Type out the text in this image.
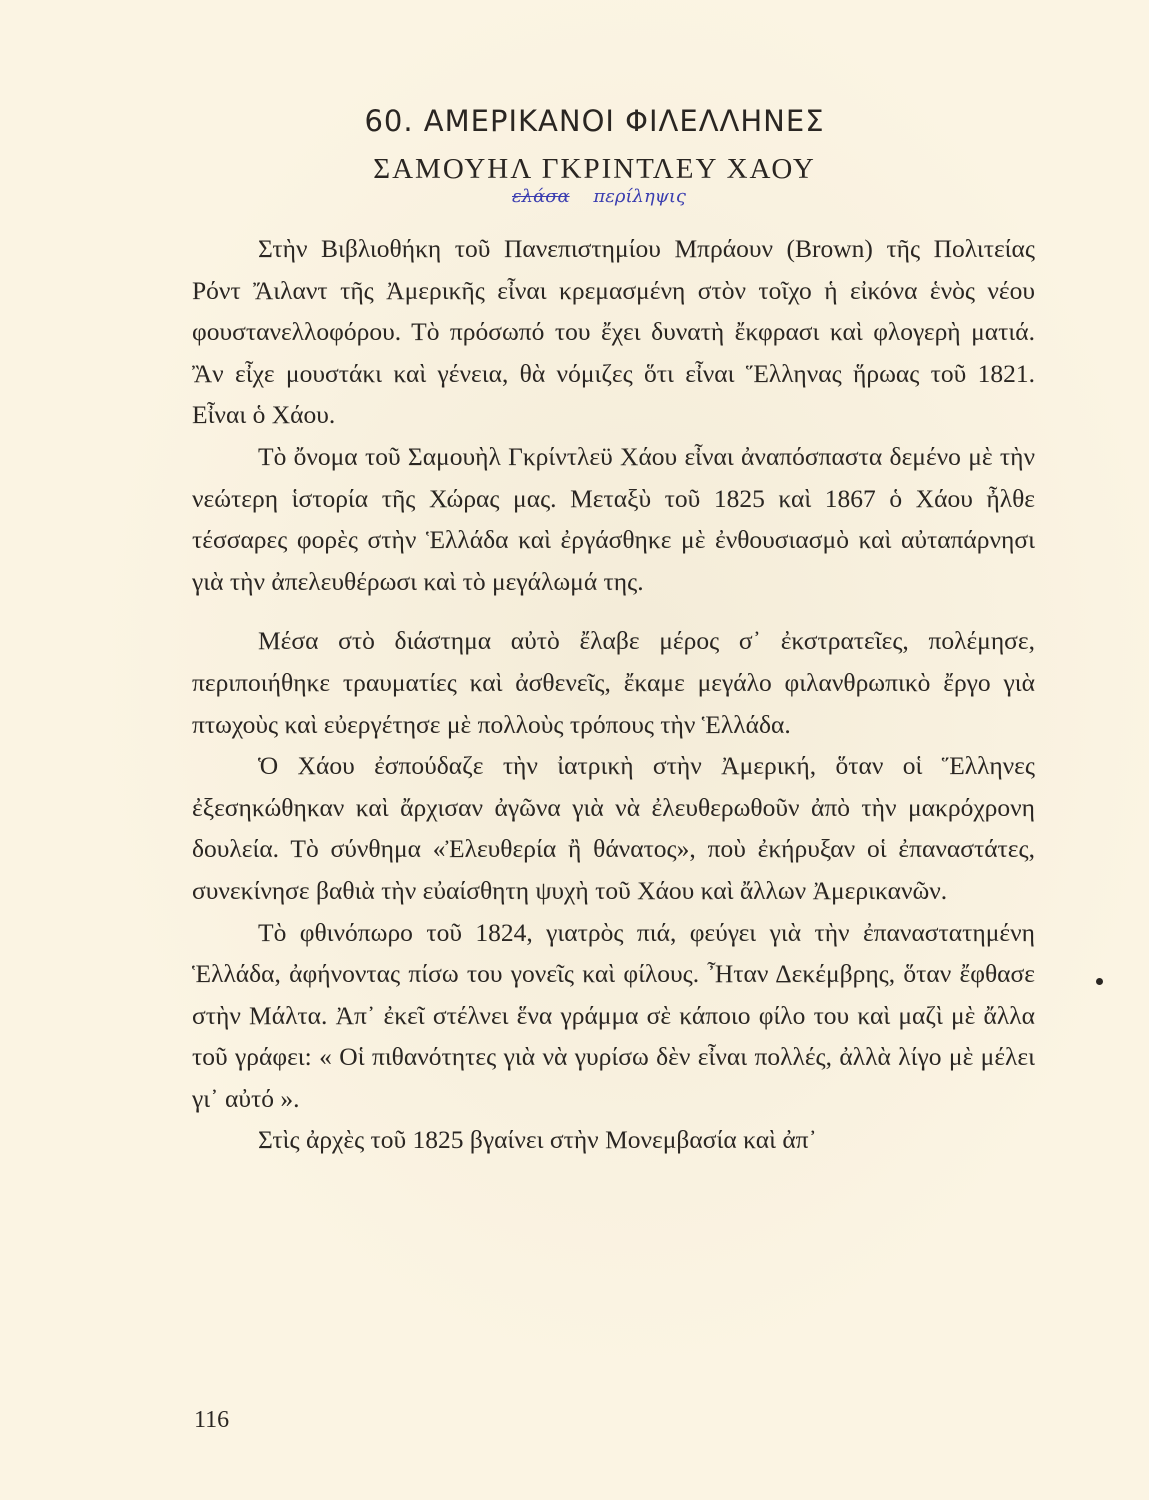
60. ΑΜΕΡΙΚΑΝΟΙ ΦΙΛΕΛΛΗΝΕΣ
ΣΑΜΟΥΗΛ ΓΚΡΙΝΤΛΕΥ ΧΑΟΥ
ελάσα περίληψις

Στὴν Βιβλιοθήκη τοῦ Πανεπιστημίου Μπράουν (Brown) τῆς Πολιτείας Ρόντ Ἄιλαντ τῆς Ἀμερικῆς εἶναι κρεμασμένη στὸν τοῖχο ἡ εἰκόνα ἑνὸς νέου φουστανελλοφόρου. Τὸ πρόσωπό του ἔχει δυνατὴ ἔκφρασι καὶ φλογερὴ ματιά. Ἂν εἶχε μουστάκι καὶ γένεια, θὰ νόμιζες ὅτι εἶναι Ἕλληνας ἥρωας τοῦ 1821. Εἶναι ὁ Χάου.

Τὸ ὄνομα τοῦ Σαμουὴλ Γκρίντλεϋ Χάου εἶναι ἀναπόσπαστα δεμένο μὲ τὴν νεώτερη ἱστορία τῆς Χώρας μας. Μεταξὺ τοῦ 1825 καὶ 1867 ὁ Χάου ἦλθε τέσσαρες φορὲς στὴν Ἑλλάδα καὶ ἐργάσθηκε μὲ ἐνθουσιασμὸ καὶ αὐταπάρνησι γιὰ τὴν ἀπελευθέρωσι καὶ τὸ μεγάλωμά της.

Μέσα στὸ διάστημα αὐτὸ ἔλαβε μέρος σ᾽ ἐκστρατεῖες, πολέμησε, περιποιήθηκε τραυματίες καὶ ἀσθενεῖς, ἔκαμε μεγάλο φιλανθρωπικὸ ἔργο γιὰ πτωχοὺς καὶ εὐεργέτησε μὲ πολλοὺς τρόπους τὴν Ἑλλάδα.

Ὁ Χάου ἐσπούδαζε τὴν ἰατρικὴ στὴν Ἀμερική, ὅταν οἱ Ἕλληνες ἐξεσηκώθηκαν καὶ ἄρχισαν ἀγῶνα γιὰ νὰ ἐλευθερωθοῦν ἀπὸ τὴν μακρόχρονη δουλεία. Τὸ σύνθημα «Ἐλευθερία ἢ θάνατος», ποὺ ἐκήρυξαν οἱ ἐπαναστάτες, συνεκίνησε βαθιὰ τὴν εὐαίσθητη ψυχὴ τοῦ Χάου καὶ ἄλλων Ἀμερικανῶν.

Τὸ φθινόπωρο τοῦ 1824, γιατρὸς πιά, φεύγει γιὰ τὴν ἐπαναστατημένη Ἑλλάδα, ἀφήνοντας πίσω του γονεῖς καὶ φίλους. Ἦταν Δεκέμβρης, ὅταν ἔφθασε στὴν Μάλτα. Ἀπ᾽ ἐκεῖ στέλνει ἕνα γράμμα σὲ κάποιο φίλο του καὶ μαζὶ μὲ ἄλλα τοῦ γράφει: « Οἱ πιθανότητες γιὰ νὰ γυρίσω δὲν εἶναι πολλές, ἀλλὰ λίγο μὲ μέλει γι᾽ αὐτό ».

Στὶς ἀρχὲς τοῦ 1825 βγαίνει στὴν Μονεμβασία καὶ ἀπ᾽

116
